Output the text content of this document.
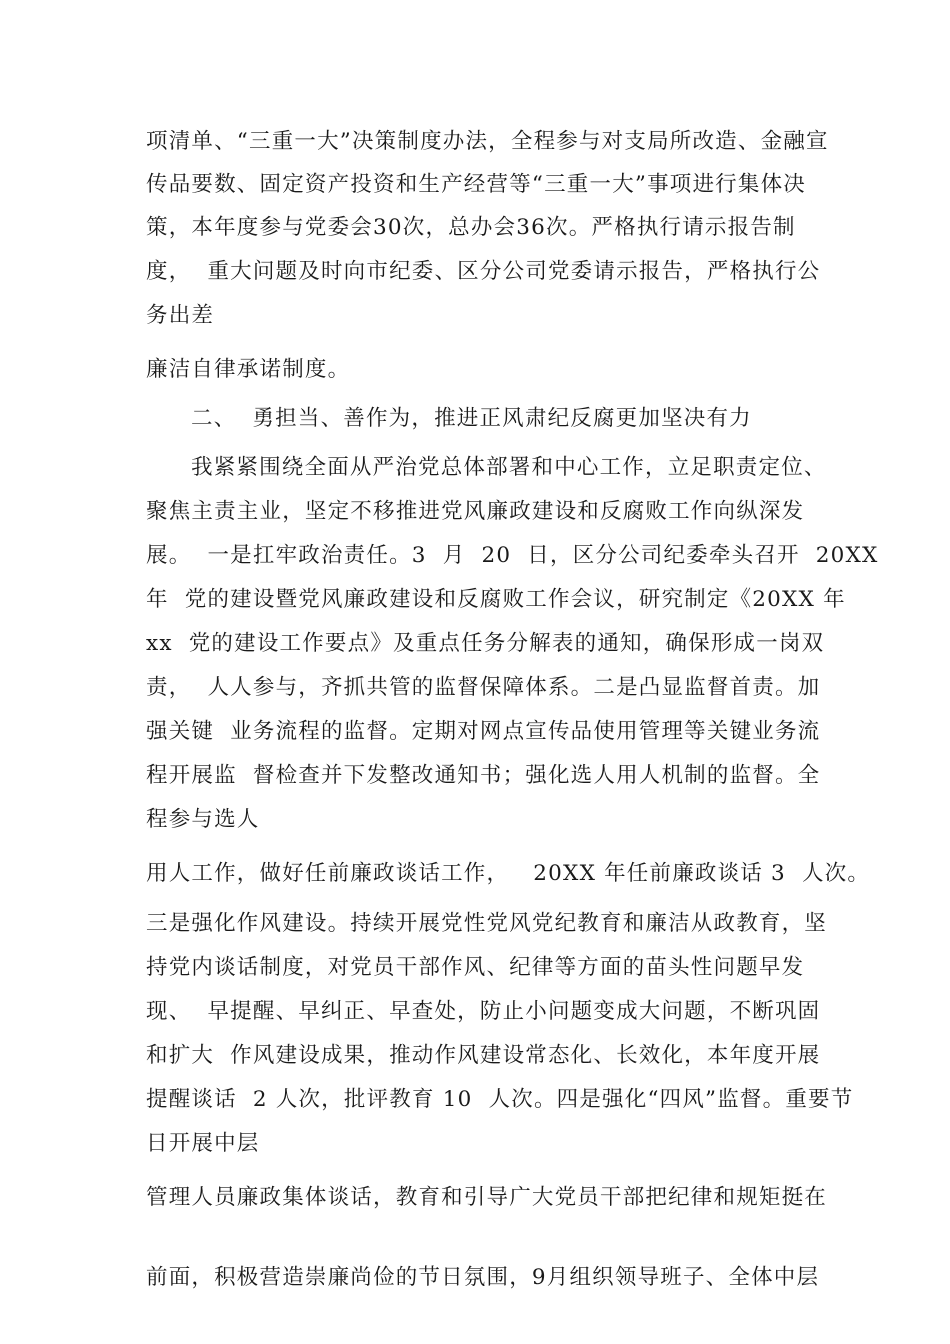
项清单、“三重一大”决策制度办法，全程参与对支局所改造、金融宣
传品要数、固定资产投资和生产经营等“三重一大”事项进行集体决
策，本年度参与党委会30次，总办会36次。严格执行请示报告制
度，  重大问题及时向市纪委、区分公司党委请示报告，严格执行公
务出差
廉洁自律承诺制度。
二、  勇担当、善作为，推进正风肃纪反腐更加坚决有力
我紧紧围绕全面从严治党总体部署和中心工作，立足职责定位、
聚焦主责主业，坚定不移推进党风廉政建设和反腐败工作向纵深发
展。  一是扛牢政治责任。3  月  20  日，区分公司纪委牵头召开  20XX
年  党的建设暨党风廉政建设和反腐败工作会议，研究制定《20XX 年
xx  党的建设工作要点》及重点任务分解表的通知，确保形成一岗双
责，  人人参与，齐抓共管的监督保障体系。二是凸显监督首责。加
强关键  业务流程的监督。定期对网点宣传品使用管理等关键业务流
程开展监  督检查并下发整改通知书；强化选人用人机制的监督。全
程参与选人
用人工作，做好任前廉政谈话工作，   20XX 年任前廉政谈话 3  人次。
三是强化作风建设。持续开展党性党风党纪教育和廉洁从政教育，坚
持党内谈话制度，对党员干部作风、纪律等方面的苗头性问题早发
现、  早提醒、早纠正、早查处，防止小问题变成大问题，不断巩固
和扩大  作风建设成果，推动作风建设常态化、长效化，本年度开展
提醒谈话  2 人次，批评教育 10  人次。四是强化“四风”监督。重要节
日开展中层
管理人员廉政集体谈话，教育和引导广大党员干部把纪律和规矩挺在
前面，积极营造崇廉尚俭的节日氛围，9月组织领导班子、全体中层
